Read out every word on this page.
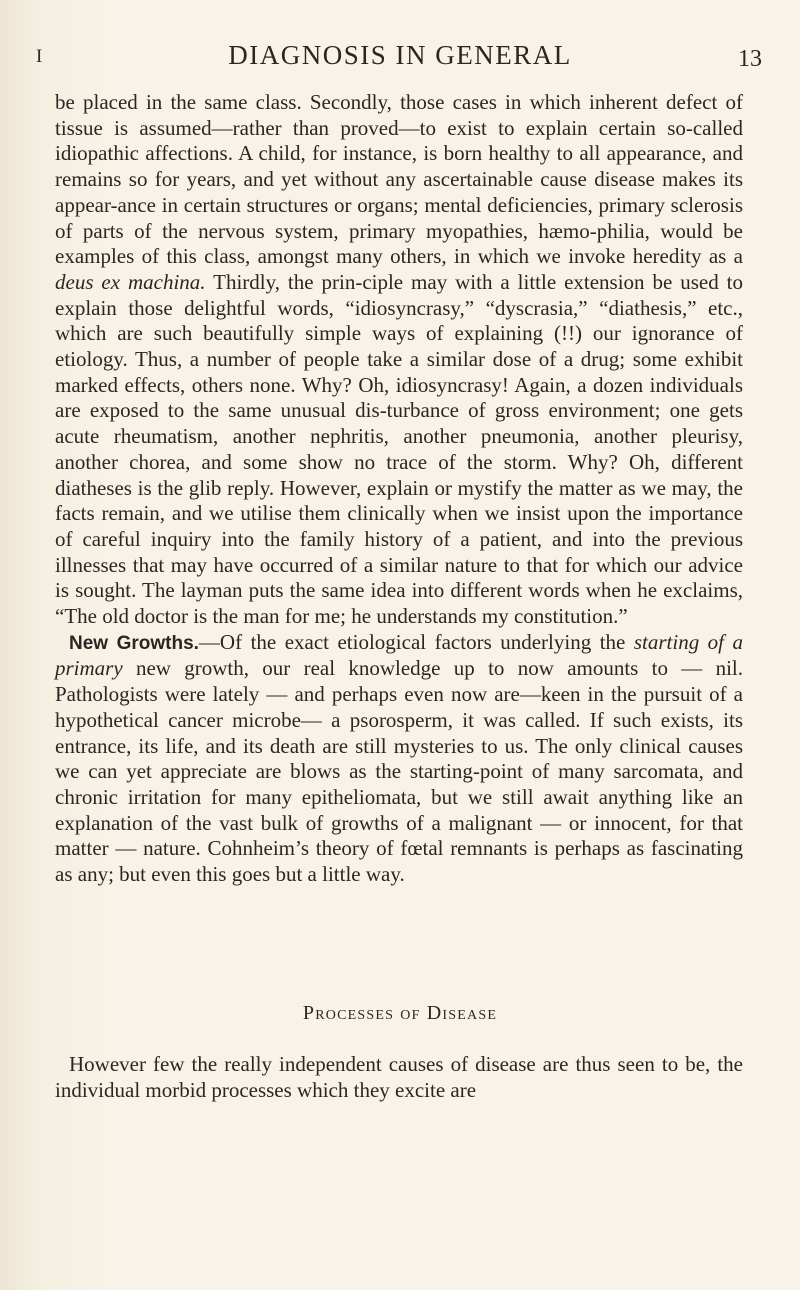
I	DIAGNOSIS IN GENERAL	13

be placed in the same class. Secondly, those cases in which inherent defect of tissue is assumed—rather than proved—to exist to explain certain so-called idiopathic affections. A child, for instance, is born healthy to all appearance, and remains so for years, and yet without any ascertainable cause disease makes its appear-ance in certain structures or organs; mental deficiencies, primary sclerosis of parts of the nervous system, primary myopathies, hæmo-philia, would be examples of this class, amongst many others, in which we invoke heredity as a deus ex machina. Thirdly, the prin-ciple may with a little extension be used to explain those delightful words, “idiosyncrasy,” “dyscrasia,” “diathesis,” etc., which are such beautifully simple ways of explaining (!!) our ignorance of etiology. Thus, a number of people take a similar dose of a drug; some exhibit marked effects, others none. Why? Oh, idiosyncrasy! Again, a dozen individuals are exposed to the same unusual dis-turbance of gross environment; one gets acute rheumatism, another nephritis, another pneumonia, another pleurisy, another chorea, and some show no trace of the storm. Why? Oh, different diatheses is the glib reply. However, explain or mystify the matter as we may, the facts remain, and we utilise them clinically when we insist upon the importance of careful inquiry into the family history of a patient, and into the previous illnesses that may have occurred of a similar nature to that for which our advice is sought. The layman puts the same idea into different words when he exclaims, “The old doctor is the man for me; he understands my constitution.”

New Growths.—Of the exact etiological factors underlying the starting of a primary new growth, our real knowledge up to now amounts to — nil. Pathologists were lately — and perhaps even now are—keen in the pursuit of a hypothetical cancer microbe— a psorosperm, it was called. If such exists, its entrance, its life, and its death are still mysteries to us. The only clinical causes we can yet appreciate are blows as the starting-point of many sarcomata, and chronic irritation for many epitheliomata, but we still await anything like an explanation of the vast bulk of growths of a malignant — or innocent, for that matter — nature. Cohnheim’s theory of fœtal remnants is perhaps as fascinating as any; but even this goes but a little way.

Processes of Disease

However few the really independent causes of disease are thus seen to be, the individual morbid processes which they excite are
